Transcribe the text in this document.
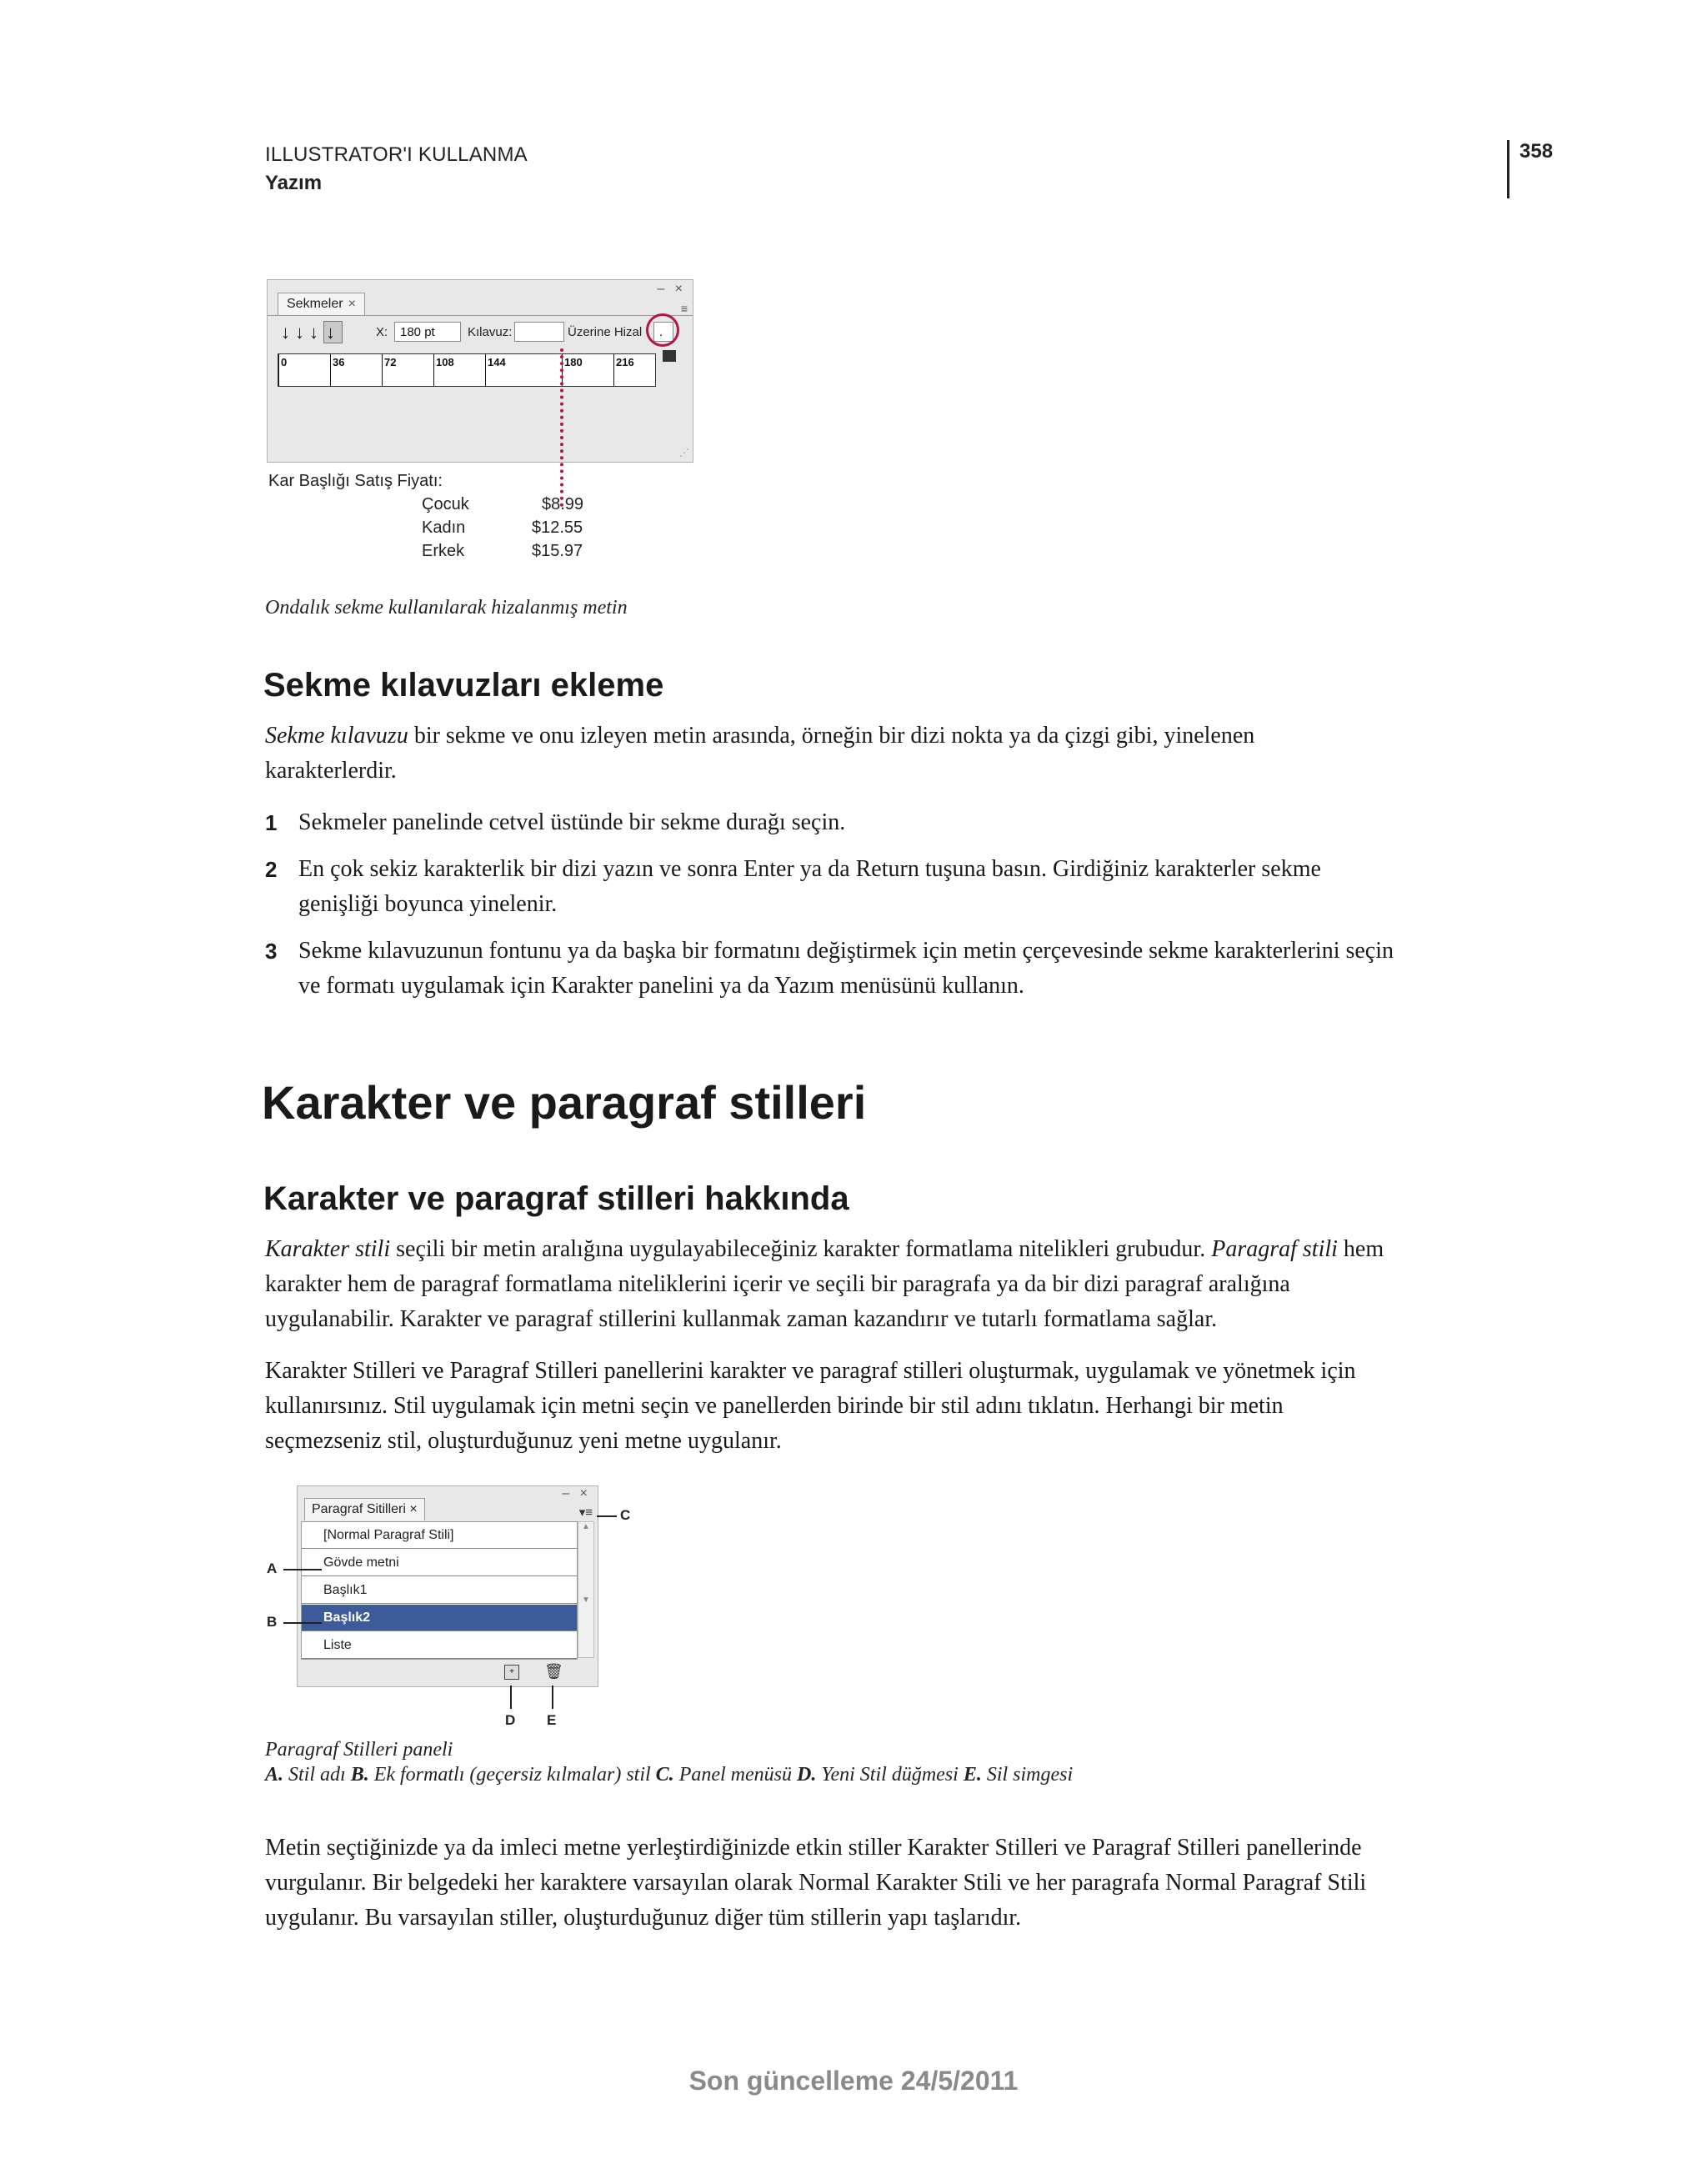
ILLUSTRATOR'I KULLANMA
Yazım
358
Sekmeler ×
– ×
≡
↓↓↓ ↓	X: 180 pt	Kılavuz:	Üzerine Hizal	.
0	36	72	108	144	180	216
⋰
Kar Başlığı Satış Fiyatı:
Çocuk	$8.99
Kadın	$12.55
Erkek	$15.97
Ondalık sekme kullanılarak hizalanmış metin
Sekme kılavuzları ekleme
Sekme kılavuzu bir sekme ve onu izleyen metin arasında, örneğin bir dizi nokta ya da çizgi gibi, yinelenen
karakterlerdir.
1 Sekmeler panelinde cetvel üstünde bir sekme durağı seçin.
2 En çok sekiz karakterlik bir dizi yazın ve sonra Enter ya da Return tuşuna basın. Girdiğiniz karakterler sekme
genişliği boyunca yinelenir.
3 Sekme kılavuzunun fontunu ya da başka bir formatını değiştirmek için metin çerçevesinde sekme karakterlerini seçin
ve formatı uygulamak için Karakter panelini ya da Yazım menüsünü kullanın.
Karakter ve paragraf stilleri
Karakter ve paragraf stilleri hakkında
Karakter stili seçili bir metin aralığına uygulayabileceğiniz karakter formatlama nitelikleri grubudur. Paragraf stili hem
karakter hem de paragraf formatlama niteliklerini içerir ve seçili bir paragrafa ya da bir dizi paragraf aralığına
uygulanabilir. Karakter ve paragraf stillerini kullanmak zaman kazandırır ve tutarlı formatlama sağlar.
Karakter Stilleri ve Paragraf Stilleri panellerini karakter ve paragraf stilleri oluşturmak, uygulamak ve yönetmek için
kullanırsınız. Stil uygulamak için metni seçin ve panellerden birinde bir stil adını tıklatın. Herhangi bir metin
seçmezseniz stil, oluşturduğunuz yeni metne uygulanır.
Paragraf Sitilleri ×
– ×
▾≡
[Normal Paragraf Stili]
Gövde metni
Başlık1
Başlık2
Liste
▲

▼
+	🗑
A
B
C
D E
Paragraf Stilleri paneli
A. Stil adı B. Ek formatlı (geçersiz kılmalar) stil C. Panel menüsü D. Yeni Stil düğmesi E. Sil simgesi
Metin seçtiğinizde ya da imleci metne yerleştirdiğinizde etkin stiller Karakter Stilleri ve Paragraf Stilleri panellerinde
vurgulanır. Bir belgedeki her karaktere varsayılan olarak Normal Karakter Stili ve her paragrafa Normal Paragraf Stili
uygulanır. Bu varsayılan stiller, oluşturduğunuz diğer tüm stillerin yapı taşlarıdır.
Son güncelleme 24/5/2011
